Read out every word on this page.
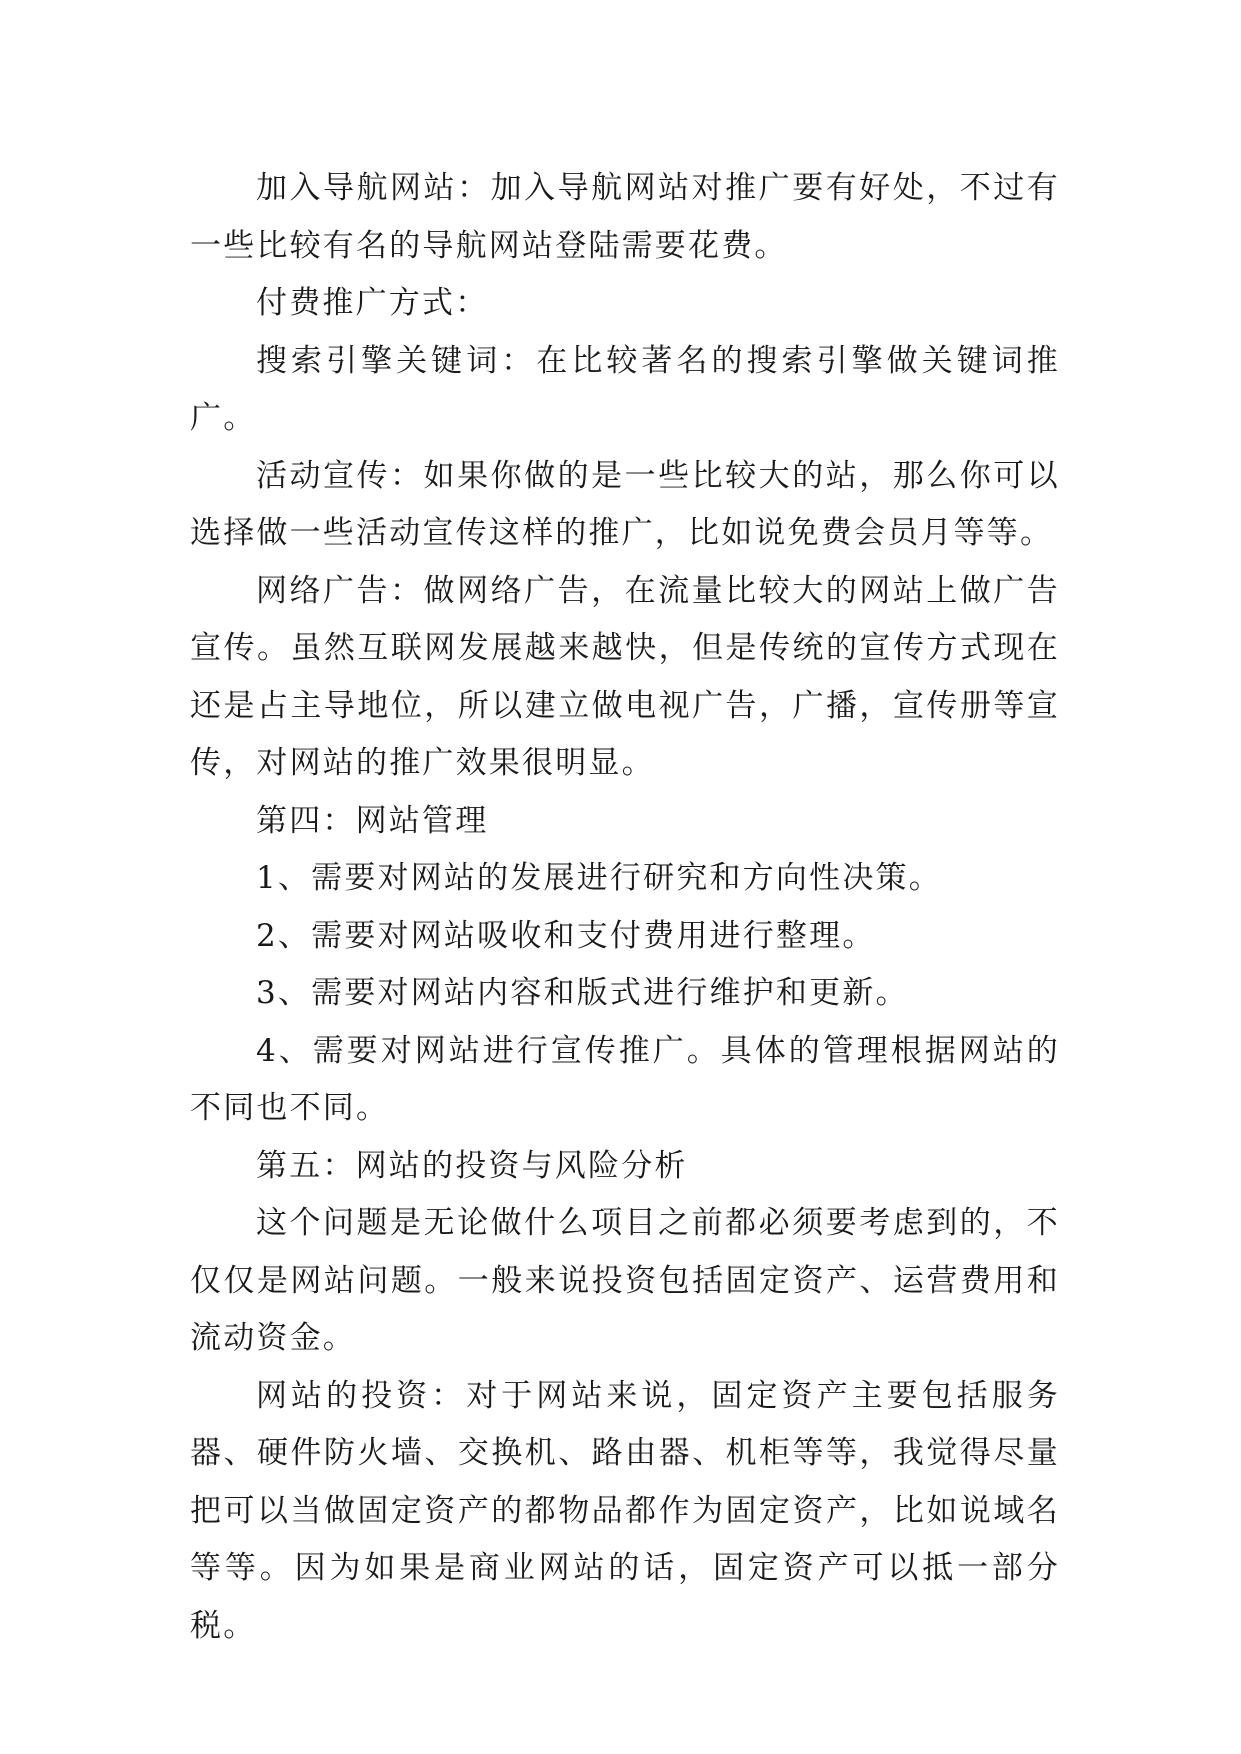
加入导航网站：加入导航网站对推广要有好处，不过有一些比较有名的导航网站登陆需要花费。

付费推广方式：

搜索引擎关键词：在比较著名的搜索引擎做关键词推广。

活动宣传：如果你做的是一些比较大的站，那么你可以选择做一些活动宣传这样的推广，比如说免费会员月等等。

网络广告：做网络广告，在流量比较大的网站上做广告宣传。虽然互联网发展越来越快，但是传统的宣传方式现在还是占主导地位，所以建立做电视广告，广播，宣传册等宣传，对网站的推广效果很明显。

第四：网站管理

1、需要对网站的发展进行研究和方向性决策。

2、需要对网站吸收和支付费用进行整理。

3、需要对网站内容和版式进行维护和更新。

4、需要对网站进行宣传推广。具体的管理根据网站的不同也不同。

第五：网站的投资与风险分析

这个问题是无论做什么项目之前都必须要考虑到的，不仅仅是网站问题。一般来说投资包括固定资产、运营费用和流动资金。

网站的投资：对于网站来说，固定资产主要包括服务器、硬件防火墙、交换机、路由器、机柜等等，我觉得尽量把可以当做固定资产的都物品都作为固定资产，比如说域名等等。因为如果是商业网站的话，固定资产可以抵一部分税。
